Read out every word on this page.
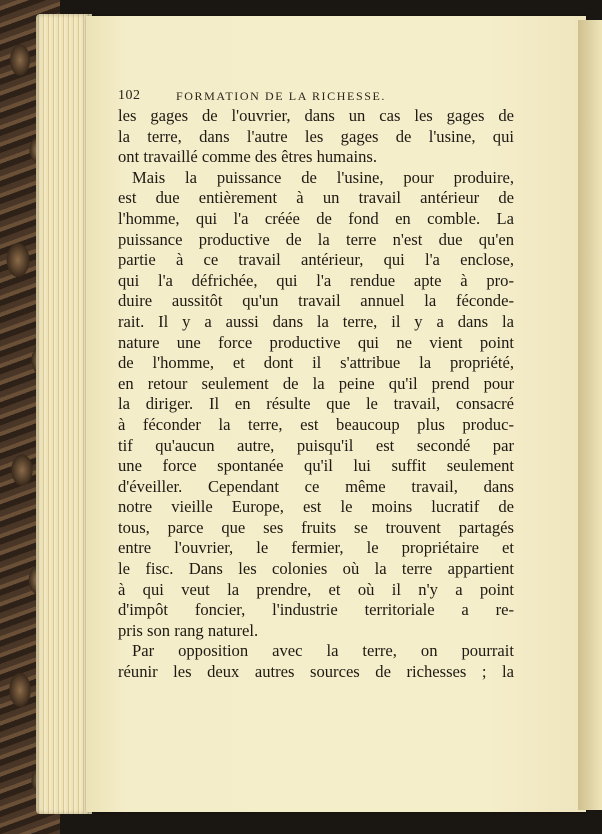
102	FORMATION DE LA RICHESSE.
les gages de l'ouvrier, dans un cas les gages de
la terre, dans l'autre les gages de l'usine, qui
ont travaillé comme des êtres humains.
Mais la puissance de l'usine, pour produire,
est due entièrement à un travail antérieur de
l'homme, qui l'a créée de fond en comble. La
puissance productive de la terre n'est due qu'en
partie à ce travail antérieur, qui l'a enclose,
qui l'a défrichée, qui l'a rendue apte à pro-
duire aussitôt qu'un travail annuel la féconde-
rait. Il y a aussi dans la terre, il y a dans la
nature une force productive qui ne vient point
de l'homme, et dont il s'attribue la propriété,
en retour seulement de la peine qu'il prend pour
la diriger. Il en résulte que le travail, consacré
à féconder la terre, est beaucoup plus produc-
tif qu'aucun autre, puisqu'il est secondé par
une force spontanée qu'il lui suffit seulement
d'éveiller. Cependant ce même travail, dans
notre vieille Europe, est le moins lucratif de
tous, parce que ses fruits se trouvent partagés
entre l'ouvrier, le fermier, le propriétaire et
le fisc. Dans les colonies où la terre appartient
à qui veut la prendre, et où il n'y a point
d'impôt foncier, l'industrie territoriale a re-
pris son rang naturel.
Par opposition avec la terre, on pourrait
réunir les deux autres sources de richesses ; la
